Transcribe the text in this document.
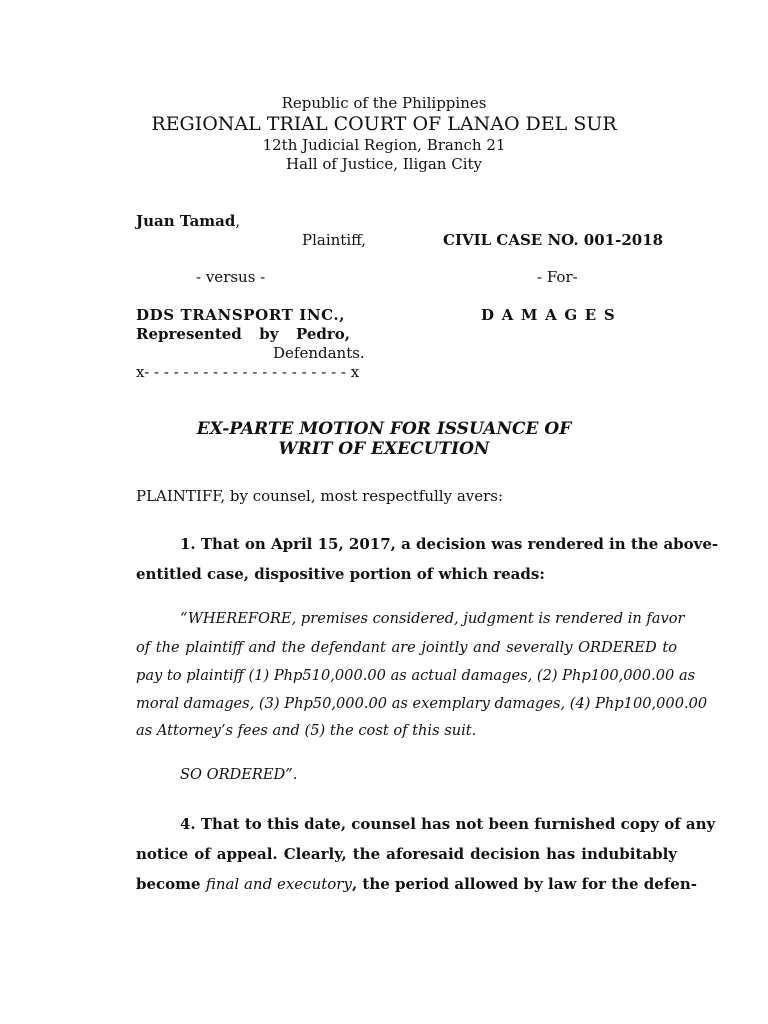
Republic of the Philippines
REGIONAL TRIAL COURT OF LANAO DEL SUR
12th Judicial Region, Branch 21
Hall of Justice, Iligan City
Juan Tamad,
Plaintiff,	CIVIL CASE NO. 001-2018
- versus -	- For-
DDS TRANSPORT INC.,	D A M A G E S
Represented by Pedro,
Defendants.
x- - - - - - - - - - - - - - - - - - - - - x
EX-PARTE MOTION FOR ISSUANCE OF
WRIT OF EXECUTION
PLAINTIFF, by counsel, most respectfully avers:
1. That on April 15, 2017, a decision was rendered in the above-
entitled case, dispositive portion of which reads:
“WHEREFORE, premises considered, judgment is rendered in favor
of the plaintiff and the defendant are jointly and severally ORDERED to
pay to plaintiff (1) Php510,000.00 as actual damages, (2) Php100,000.00 as
moral damages, (3) Php50,000.00 as exemplary damages, (4) Php100,000.00
as Attorney’s fees and (5) the cost of this suit.
SO ORDERED”.
4. That to this date, counsel has not been furnished copy of any
notice of appeal. Clearly, the aforesaid decision has indubitably
become final and executory, the period allowed by law for the defen-
